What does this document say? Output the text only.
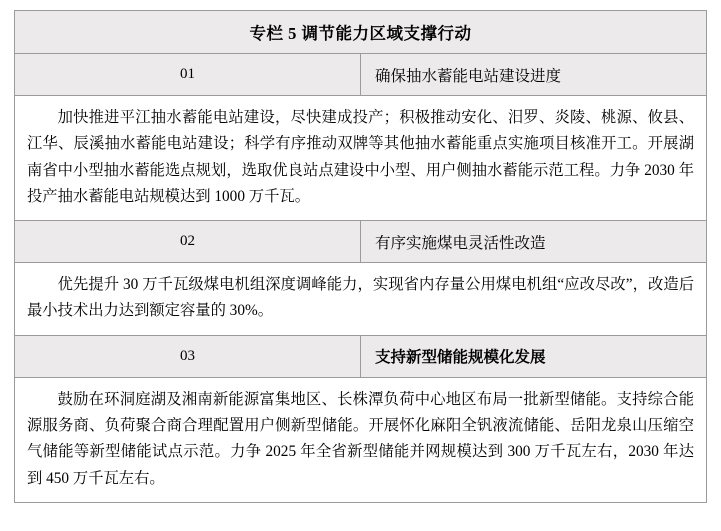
专栏 5 调节能力区域支撑行动	
01	确保抽水蓄能电站建设进度

加快推进平江抽水蓄能电站建设，尽快建成投产；积极推动安化、汨罗、炎陵、桃源、攸县、江华、辰溪抽水蓄能电站建设；科学有序推动双牌等其他抽水蓄能重点实施项目核准开工。开展湖南省中小型抽水蓄能选点规划，选取优良站点建设中小型、用户侧抽水蓄能示范工程。力争 2030 年投产抽水蓄能电站规模达到 1000 万千瓦。	

02	有序实施煤电灵活性改造

优先提升 30 万千瓦级煤电机组深度调峰能力，实现省内存量公用煤电机组“应改尽改”，改造后最小技术出力达到额定容量的 30%。	

03	支持新型储能规模化发展

鼓励在环洞庭湖及湘南新能源富集地区、长株潭负荷中心地区布局一批新型储能。支持综合能源服务商、负荷聚合商合理配置用户侧新型储能。开展怀化麻阳全钒液流储能、岳阳龙泉山压缩空气储能等新型储能试点示范。力争 2025 年全省新型储能并网规模达到 300 万千瓦左右，2030 年达到 450 万千瓦左右。	
